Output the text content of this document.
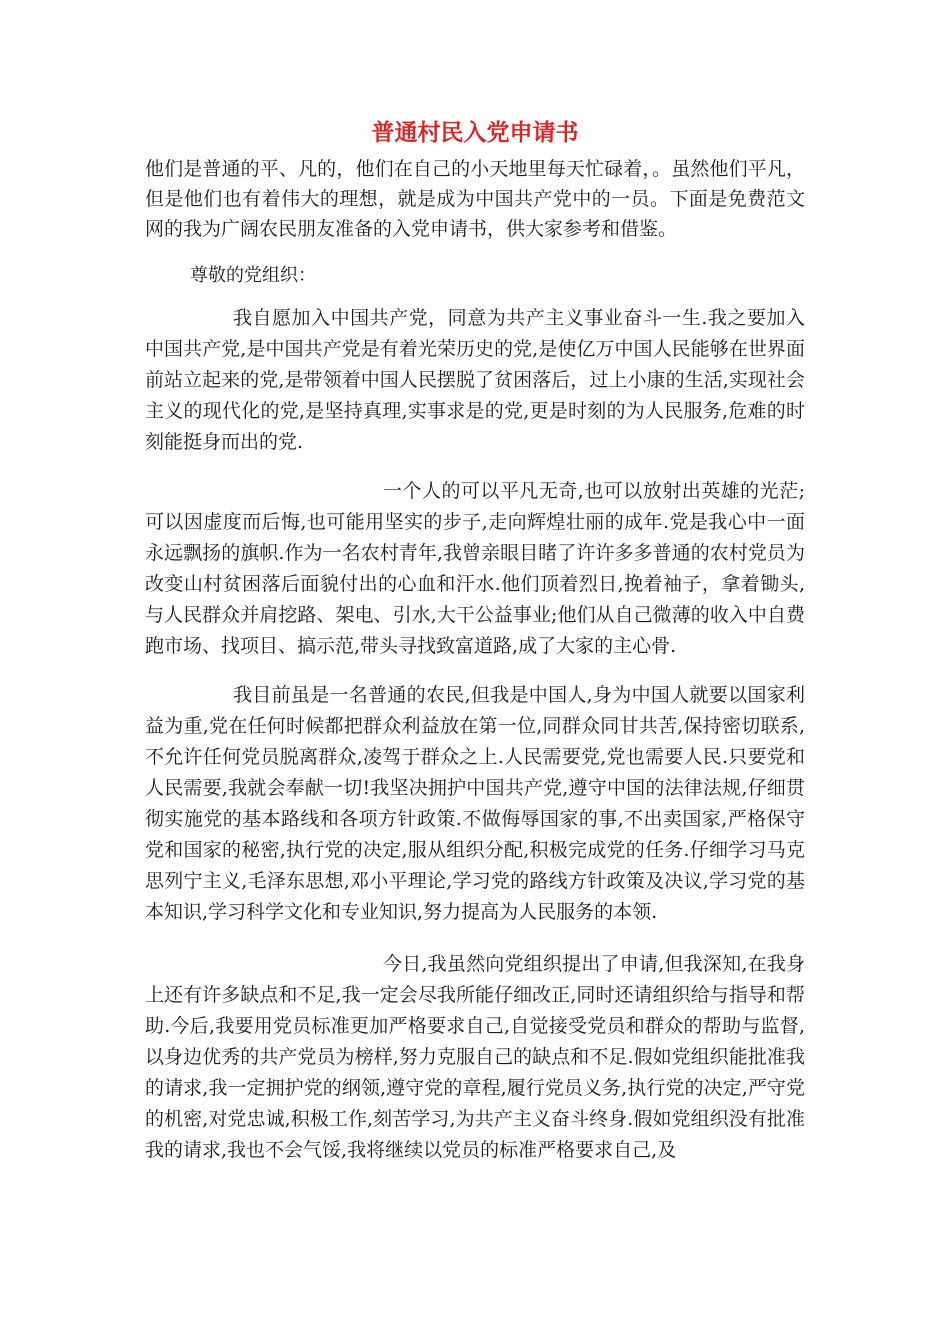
普通村民入党申请书

他们是普通的平、凡的，他们在自己的小天地里每天忙碌着，。虽然他们平凡，但是他们也有着伟大的理想，就是成为中国共产党中的一员。下面是免费范文网的我为广阔农民朋友准备的入党申请书，供大家参考和借鉴。

尊敬的党组织：

我自愿加入中国共产党，同意为共产主义事业奋斗一生.我之要加入中国共产党,是中国共产党是有着光荣历史的党,是使亿万中国人民能够在世界面前站立起来的党,是带领着中国人民摆脱了贫困落后，过上小康的生活,实现社会主义的现代化的党,是坚持真理,实事求是的党,更是时刻的为人民服务,危难的时刻能挺身而出的党.

一个人的可以平凡无奇,也可以放射出英雄的光茫;可以因虚度而后悔,也可能用坚实的步子,走向辉煌壮丽的成年.党是我心中一面永远飘扬的旗帜.作为一名农村青年,我曾亲眼目睹了许许多多普通的农村党员为改变山村贫困落后面貌付出的心血和汗水.他们顶着烈日,挽着袖子，拿着锄头,与人民群众并肩挖路、架电、引水,大干公益事业;他们从自己微薄的收入中自费跑市场、找项目、搞示范,带头寻找致富道路,成了大家的主心骨.

我目前虽是一名普通的农民,但我是中国人,身为中国人就要以国家利益为重,党在任何时候都把群众利益放在第一位,同群众同甘共苦,保持密切联系,不允许任何党员脱离群众,凌驾于群众之上.人民需要党,党也需要人民.只要党和人民需要,我就会奉献一切!我坚决拥护中国共产党,遵守中国的法律法规,仔细贯彻实施党的基本路线和各项方针政策.不做侮辱国家的事,不出卖国家,严格保守党和国家的秘密,执行党的决定,服从组织分配,积极完成党的任务.仔细学习马克思列宁主义,毛泽东思想,邓小平理论,学习党的路线方针政策及决议,学习党的基本知识,学习科学文化和专业知识,努力提高为人民服务的本领.

今日,我虽然向党组织提出了申请,但我深知,在我身上还有许多缺点和不足,我一定会尽我所能仔细改正,同时还请组织给与指导和帮助.今后,我要用党员标准更加严格要求自己,自觉接受党员和群众的帮助与监督,以身边优秀的共产党员为榜样,努力克服自己的缺点和不足.假如党组织能批准我的请求,我一定拥护党的纲领,遵守党的章程,履行党员义务,执行党的决定,严守党的机密,对党忠诚,积极工作,刻苦学习,为共产主义奋斗终身.假如党组织没有批准我的请求,我也不会气馁,我将继续以党员的标准严格要求自己,及
